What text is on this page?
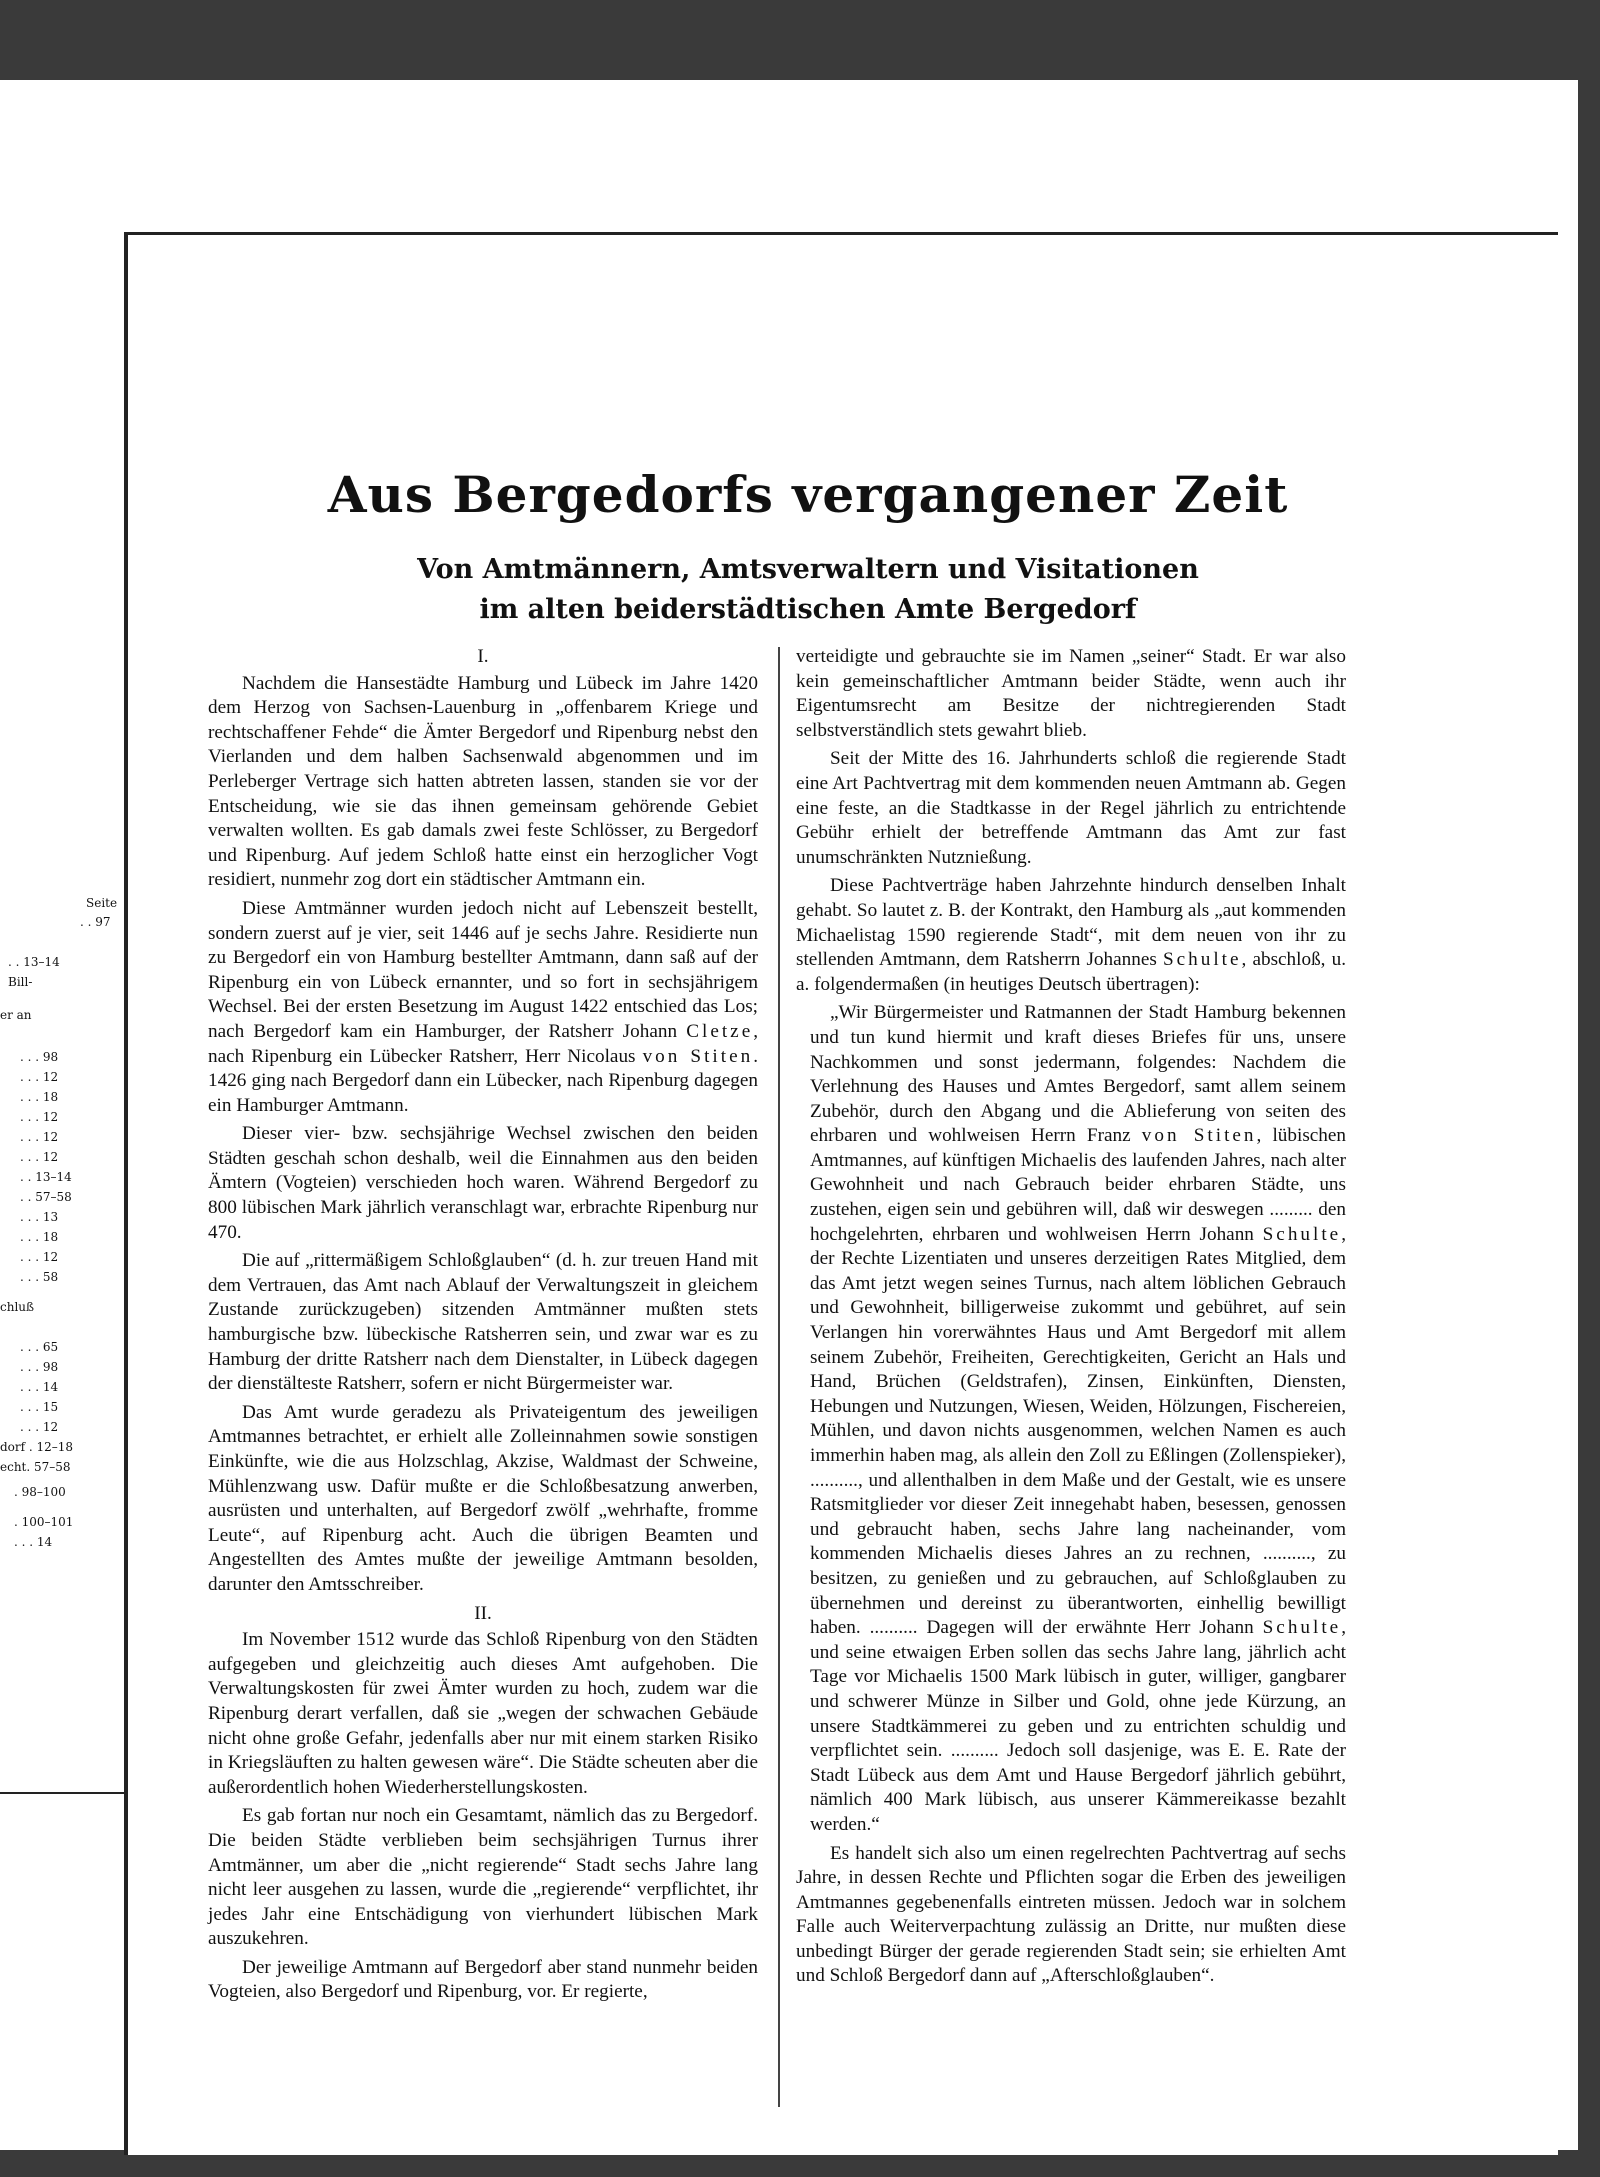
Seite
. . 97
. . 13–14
Bill-
er an
. . . 98
. . . 12
. . . 18
. . . 12
. . . 12
. . . 12
. . 13–14
. . 57–58
. . . 13
. . . 18
. . . 12
. . . 58
chluß
. . . 65
. . . 98
. . . 14
. . . 15
. . . 12
dorf . 12–18
echt. 57–58
. 98–100
. 100–101
. . . 14
Aus Bergedorfs vergangener Zeit
Von Amtmännern, Amtsverwaltern und Visitationen
im alten beiderstädtischen Amte Bergedorf
I.

Nachdem die Hansestädte Hamburg und Lübeck im Jahre 1420 dem Herzog von Sachsen-Lauenburg in „offenbarem Kriege und rechtschaffener Fehde“ die Ämter Bergedorf und Ripenburg nebst den Vierlanden und dem halben Sachsenwald abgenommen und im Perleberger Vertrage sich hatten abtreten lassen, standen sie vor der Entscheidung, wie sie das ihnen gemeinsam gehörende Gebiet verwalten wollten. Es gab damals zwei feste Schlösser, zu Bergedorf und Ripenburg. Auf jedem Schloß hatte einst ein herzoglicher Vogt residiert, nunmehr zog dort ein städtischer Amtmann ein.

Diese Amtmänner wurden jedoch nicht auf Lebenszeit bestellt, sondern zuerst auf je vier, seit 1446 auf je sechs Jahre. Residierte nun zu Bergedorf ein von Hamburg bestellter Amtmann, dann saß auf der Ripenburg ein von Lübeck ernannter, und so fort in sechsjährigem Wechsel. Bei der ersten Besetzung im August 1422 entschied das Los; nach Bergedorf kam ein Hamburger, der Ratsherr Johann Cletze, nach Ripenburg ein Lübecker Ratsherr, Herr Nicolaus von Stiten. 1426 ging nach Bergedorf dann ein Lübecker, nach Ripenburg dagegen ein Hamburger Amtmann.

Dieser vier- bzw. sechsjährige Wechsel zwischen den beiden Städten geschah schon deshalb, weil die Einnahmen aus den beiden Ämtern (Vogteien) verschieden hoch waren. Während Bergedorf zu 800 lübischen Mark jährlich veranschlagt war, erbrachte Ripenburg nur 470.

Die auf „rittermäßigem Schloßglauben“ (d. h. zur treuen Hand mit dem Vertrauen, das Amt nach Ablauf der Verwaltungszeit in gleichem Zustande zurückzugeben) sitzenden Amtmänner mußten stets hamburgische bzw. lübeckische Ratsherren sein, und zwar war es zu Hamburg der dritte Ratsherr nach dem Dienstalter, in Lübeck dagegen der dienstälteste Ratsherr, sofern er nicht Bürgermeister war.

Das Amt wurde geradezu als Privateigentum des jeweiligen Amtmannes betrachtet, er erhielt alle Zolleinnahmen sowie sonstigen Einkünfte, wie die aus Holzschlag, Akzise, Waldmast der Schweine, Mühlenzwang usw. Dafür mußte er die Schloßbesatzung anwerben, ausrüsten und unterhalten, auf Bergedorf zwölf „wehrhafte, fromme Leute“, auf Ripenburg acht. Auch die übrigen Beamten und Angestellten des Amtes mußte der jeweilige Amtmann besolden, darunter den Amtsschreiber.

II.

Im November 1512 wurde das Schloß Ripenburg von den Städten aufgegeben und gleichzeitig auch dieses Amt aufgehoben. Die Verwaltungskosten für zwei Ämter wurden zu hoch, zudem war die Ripenburg derart verfallen, daß sie „wegen der schwachen Gebäude nicht ohne große Gefahr, jedenfalls aber nur mit einem starken Risiko in Kriegsläuften zu halten gewesen wäre“. Die Städte scheuten aber die außerordentlich hohen Wiederherstellungskosten.

Es gab fortan nur noch ein Gesamtamt, nämlich das zu Bergedorf. Die beiden Städte verblieben beim sechsjährigen Turnus ihrer Amtmänner, um aber die „nicht regierende“ Stadt sechs Jahre lang nicht leer ausgehen zu lassen, wurde die „regierende“ verpflichtet, ihr jedes Jahr eine Entschädigung von vierhundert lübischen Mark auszukehren.

Der jeweilige Amtmann auf Bergedorf aber stand nunmehr beiden Vogteien, also Bergedorf und Ripenburg, vor. Er regierte,

verteidigte und gebrauchte sie im Namen „seiner“ Stadt. Er war also kein gemeinschaftlicher Amtmann beider Städte, wenn auch ihr Eigentumsrecht am Besitze der nichtregierenden Stadt selbstverständlich stets gewahrt blieb.

Seit der Mitte des 16. Jahrhunderts schloß die regierende Stadt eine Art Pachtvertrag mit dem kommenden neuen Amtmann ab. Gegen eine feste, an die Stadtkasse in der Regel jährlich zu entrichtende Gebühr erhielt der betreffende Amtmann das Amt zur fast unumschränkten Nutznießung.

Diese Pachtverträge haben Jahrzehnte hindurch denselben Inhalt gehabt. So lautet z. B. der Kontrakt, den Hamburg als „aut kommenden Michaelistag 1590 regierende Stadt“, mit dem neuen von ihr zu stellenden Amtmann, dem Ratsherrn Johannes Schulte, abschloß, u. a. folgendermaßen (in heutiges Deutsch übertragen):

„Wir Bürgermeister und Ratmannen der Stadt Hamburg bekennen und tun kund hiermit und kraft dieses Briefes für uns, unsere Nachkommen und sonst jedermann, folgendes: Nachdem die Verlehnung des Hauses und Amtes Bergedorf, samt allem seinem Zubehör, durch den Abgang und die Ablieferung von seiten des ehrbaren und wohlweisen Herrn Franz von Stiten, lübischen Amtmannes, auf künftigen Michaelis des laufenden Jahres, nach alter Gewohnheit und nach Gebrauch beider ehrbaren Städte, uns zustehen, eigen sein und gebühren will, daß wir deswegen ......... den hochgelehrten, ehrbaren und wohlweisen Herrn Johann Schulte, der Rechte Lizentiaten und unseres derzeitigen Rates Mitglied, dem das Amt jetzt wegen seines Turnus, nach altem löblichen Gebrauch und Gewohnheit, billigerweise zukommt und gebühret, auf sein Verlangen hin vorerwähntes Haus und Amt Bergedorf mit allem seinem Zubehör, Freiheiten, Gerechtigkeiten, Gericht an Hals und Hand, Brüchen (Geldstrafen), Zinsen, Einkünften, Diensten, Hebungen und Nutzungen, Wiesen, Weiden, Hölzungen, Fischereien, Mühlen, und davon nichts ausgenommen, welchen Namen es auch immerhin haben mag, als allein den Zoll zu Eßlingen (Zollenspieker), .........., und allenthalben in dem Maße und der Gestalt, wie es unsere Ratsmitglieder vor dieser Zeit innegehabt haben, besessen, genossen und gebraucht haben, sechs Jahre lang nacheinander, vom kommenden Michaelis dieses Jahres an zu rechnen, .........., zu besitzen, zu genießen und zu gebrauchen, auf Schloßglauben zu übernehmen und dereinst zu überantworten, einhellig bewilligt haben. .......... Dagegen will der erwähnte Herr Johann Schulte, und seine etwaigen Erben sollen das sechs Jahre lang, jährlich acht Tage vor Michaelis 1500 Mark lübisch in guter, williger, gangbarer und schwerer Münze in Silber und Gold, ohne jede Kürzung, an unsere Stadtkämmerei zu geben und zu entrichten schuldig und verpflichtet sein. .......... Jedoch soll dasjenige, was E. E. Rate der Stadt Lübeck aus dem Amt und Hause Bergedorf jährlich gebührt, nämlich 400 Mark lübisch, aus unserer Kämmereikasse bezahlt werden.“

Es handelt sich also um einen regelrechten Pachtvertrag auf sechs Jahre, in dessen Rechte und Pflichten sogar die Erben des jeweiligen Amtmannes gegebenenfalls eintreten müssen. Jedoch war in solchem Falle auch Weiterverpachtung zulässig an Dritte, nur mußten diese unbedingt Bürger der gerade regierenden Stadt sein; sie erhielten Amt und Schloß Bergedorf dann auf „Afterschloßglauben“.
